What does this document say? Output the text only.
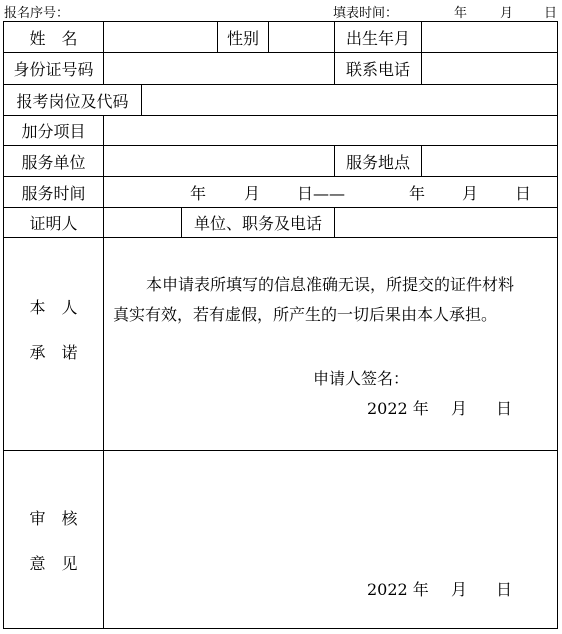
报名序号：	填表时间：	年	月 日
姓　名	性别	出生年月
身份证号码	联系电话
报考岗位及代码
加分项目
服务单位	服务地点
服务时间	年 月 日——	年 月 日
证明人	单位、职务及电话
本　人
承　诺
本申请表所填写的信息准确无误，所提交的证件材料
真实有效，若有虚假，所产生的一切后果由本人承担。
申请人签名：
2022 年 月 日
审　核
意　见
2022 年 月 日
